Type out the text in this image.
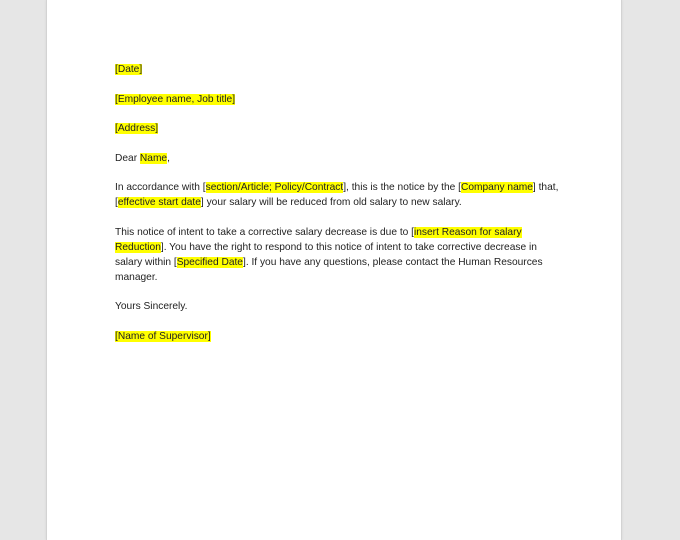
[Date]
[Employee name, Job title]
[Address]
Dear Name,
In accordance with [section/Article; Policy/Contract], this is the notice by the [Company name] that, [effective start date] your salary will be reduced from old salary to new salary.
This notice of intent to take a corrective salary decrease is due to [insert Reason for salary Reduction]. You have the right to respond to this notice of intent to take corrective decrease in salary within [Specified Date]. If you have any questions, please contact the Human Resources manager.
Yours Sincerely.
[Name of Supervisor]
